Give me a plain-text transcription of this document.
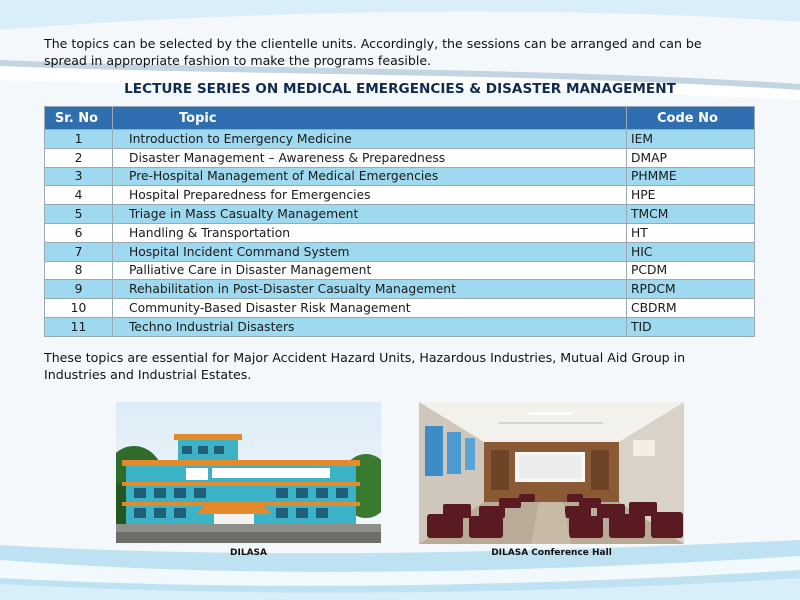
The topics can be selected by the clientelle units. Accordingly, the sessions can be arranged and can be spread in appropriate fashion to make the programs feasible.

LECTURE SERIES ON MEDICAL EMERGENCIES & DISASTER MANAGEMENT
Sr. No	Topic	Code No
1	Introduction to Emergency Medicine	IEM
2	Disaster Management – Awareness & Preparedness	DMAP
3	Pre-Hospital Management of Medical Emergencies	PHMME
4	Hospital Preparedness for Emergencies	HPE
5	Triage in Mass Casualty Management	TMCM
6	Handling & Transportation	HT
7	Hospital Incident Command System	HIC
8	Palliative Care in Disaster Management	PCDM
9	Rehabilitation in Post-Disaster Casualty Management	RPDCM
10	Community-Based Disaster Risk Management	CBDRM
11	Techno Industrial Disasters	TID

These topics are essential for Major Accident Hazard Units, Hazardous Industries, Mutual Aid Group in Industries and Industrial Estates.

DILASA	DILASA Conference Hall
